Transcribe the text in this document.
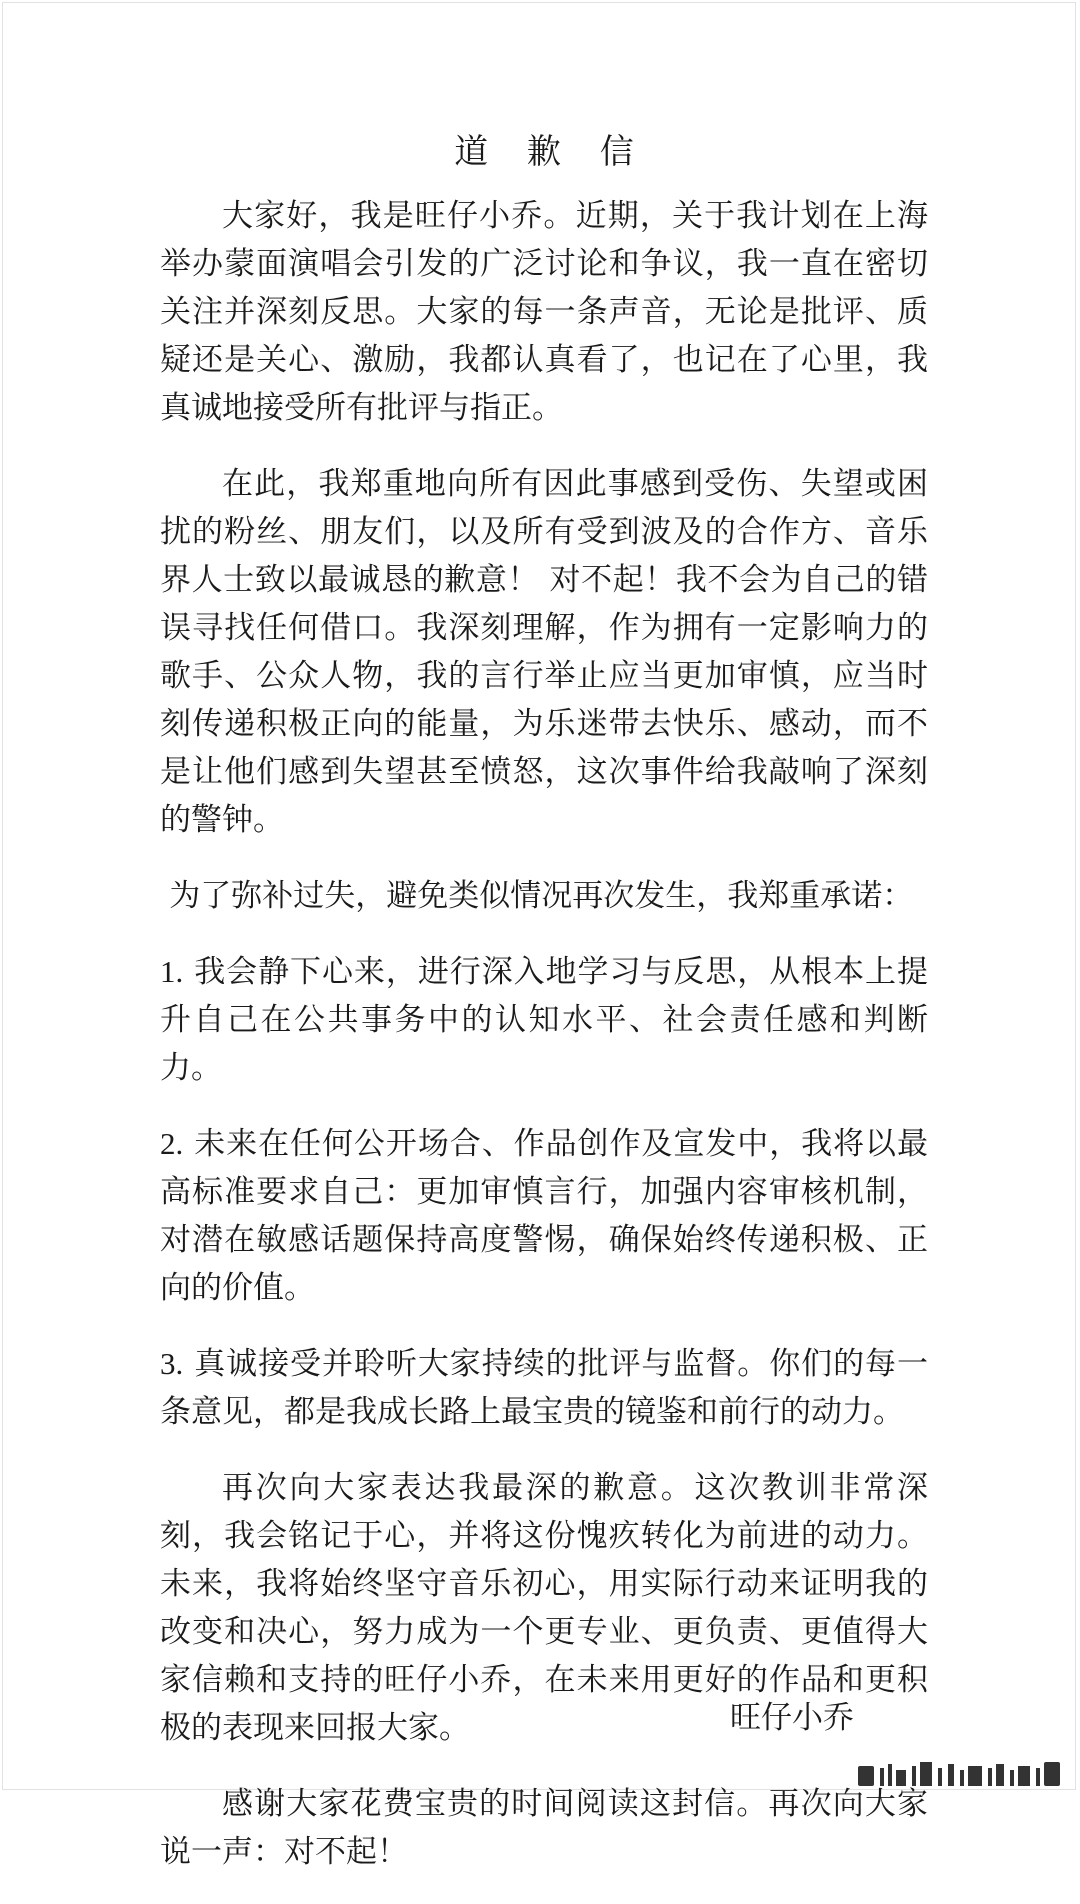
道 歉 信

大家好，我是旺仔小乔。近期，关于我计划在上海举办蒙面演唱会引发的广泛讨论和争议，我一直在密切关注并深刻反思。大家的每一条声音，无论是批评、质疑还是关心、激励，我都认真看了，也记在了心里，我真诚地接受所有批评与指正。

在此，我郑重地向所有因此事感到受伤、失望或困扰的粉丝、朋友们，以及所有受到波及的合作方、音乐界人士致以最诚恳的歉意！ 对不起！我不会为自己的错误寻找任何借口。我深刻理解，作为拥有一定影响力的歌手、公众人物，我的言行举止应当更加审慎，应当时刻传递积极正向的能量，为乐迷带去快乐、感动，而不是让他们感到失望甚至愤怒，这次事件给我敲响了深刻的警钟。

为了弥补过失，避免类似情况再次发生，我郑重承诺：

1. 我会静下心来，进行深入地学习与反思，从根本上提升自己在公共事务中的认知水平、社会责任感和判断力。

2. 未来在任何公开场合、作品创作及宣发中，我将以最高标准要求自己：更加审慎言行，加强内容审核机制，对潜在敏感话题保持高度警惕，确保始终传递积极、正向的价值。

3. 真诚接受并聆听大家持续的批评与监督。你们的每一条意见，都是我成长路上最宝贵的镜鉴和前行的动力。

再次向大家表达我最深的歉意。这次教训非常深刻，我会铭记于心，并将这份愧疚转化为前进的动力。未来，我将始终坚守音乐初心，用实际行动来证明我的改变和决心，努力成为一个更专业、更负责、更值得大家信赖和支持的旺仔小乔，在未来用更好的作品和更积极的表现来回报大家。

感谢大家花费宝贵的时间阅读这封信。再次向大家说一声：对不起！

旺仔小乔
